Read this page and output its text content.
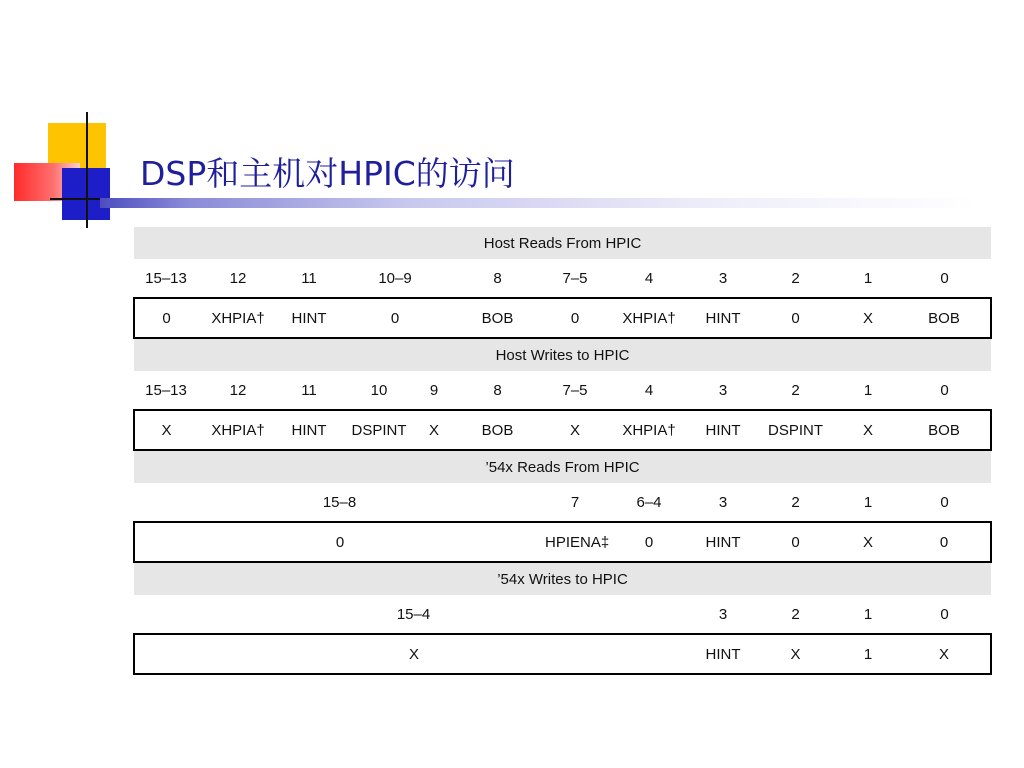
DSP和主机对HPIC的访问
Host Reads From HPIC											
15–13	12	11	10–9		8	7–5	4	3	2	1	0
0	XHPIA†	HINT	0		BOB	0	XHPIA†	HINT	0	X	BOB
Host Writes to HPIC											
15–13	12	11	10	9	8	7–5	4	3	2	1	0
X	XHPIA†	HINT	DSPINT	X	BOB	X	XHPIA†	HINT	DSPINT	X	BOB
’54x Reads From HPIC											
15–8						7	6–4	3	2	1	0
0						HPIENA‡	0	HINT	0	X	0
’54x Writes to HPIC											
15–4								3	2	1	0
X								HINT	X	1	X
